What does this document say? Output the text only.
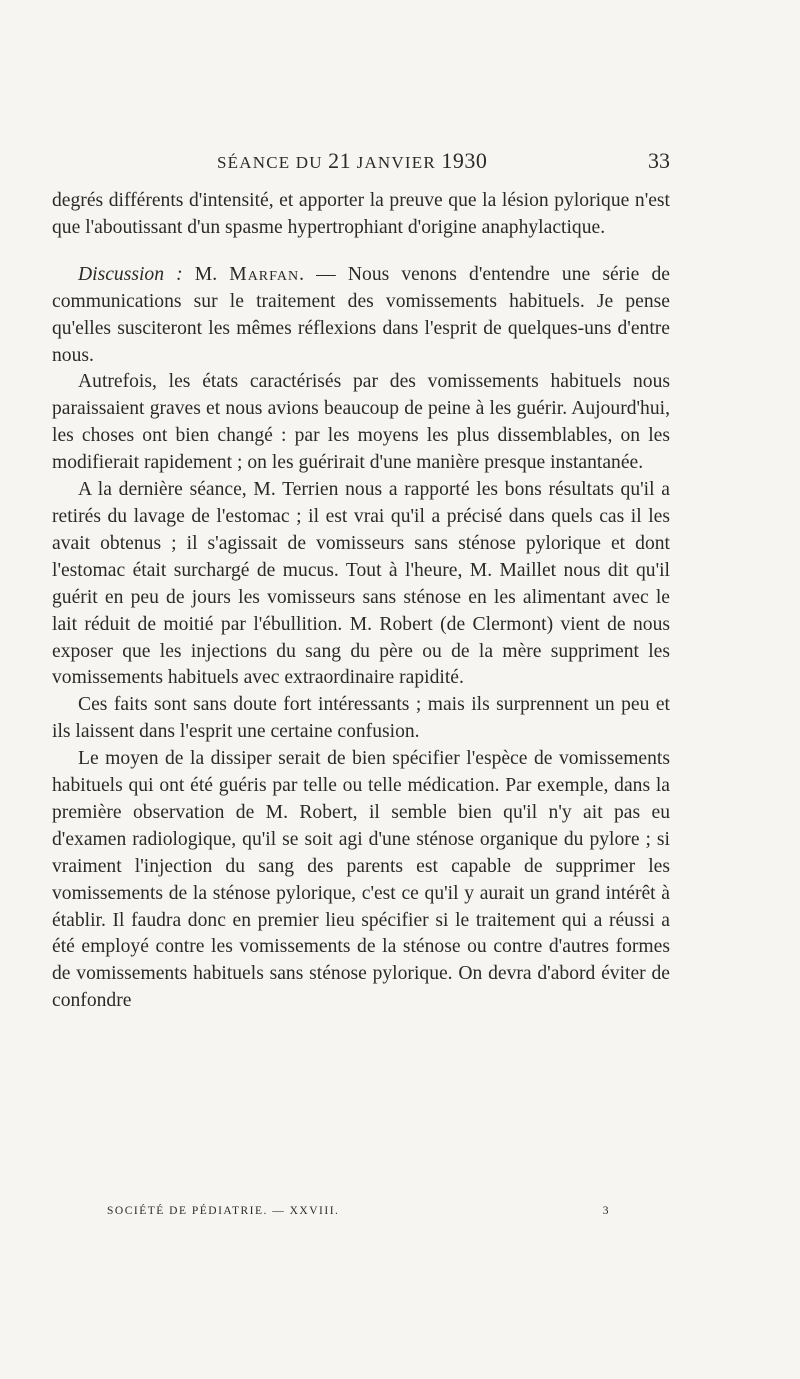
SÉANCE DU 21 JANVIER 1930	33

degrés différents d'intensité, et apporter la preuve que la lésion pylorique n'est que l'aboutissant d'un spasme hypertrophiant d'origine anaphylactique.

Discussion : M. Marfan. — Nous venons d'entendre une série de communications sur le traitement des vomissements habituels. Je pense qu'elles susciteront les mêmes réflexions dans l'esprit de quelques-uns d'entre nous.

Autrefois, les états caractérisés par des vomissements habituels nous paraissaient graves et nous avions beaucoup de peine à les guérir. Aujourd'hui, les choses ont bien changé : par les moyens les plus dissemblables, on les modifierait rapidement ; on les guérirait d'une manière presque instantanée.

A la dernière séance, M. Terrien nous a rapporté les bons résultats qu'il a retirés du lavage de l'estomac ; il est vrai qu'il a précisé dans quels cas il les avait obtenus ; il s'agissait de vomisseurs sans sténose pylorique et dont l'estomac était surchargé de mucus. Tout à l'heure, M. Maillet nous dit qu'il guérit en peu de jours les vomisseurs sans sténose en les alimentant avec le lait réduit de moitié par l'ébullition. M. Robert (de Clermont) vient de nous exposer que les injections du sang du père ou de la mère suppriment les vomissements habituels avec extraordinaire rapidité.

Ces faits sont sans doute fort intéressants ; mais ils surprennent un peu et ils laissent dans l'esprit une certaine confusion.

Le moyen de la dissiper serait de bien spécifier l'espèce de vomissements habituels qui ont été guéris par telle ou telle médication. Par exemple, dans la première observation de M. Robert, il semble bien qu'il n'y ait pas eu d'examen radiologique, qu'il se soit agi d'une sténose organique du pylore ; si vraiment l'injection du sang des parents est capable de supprimer les vomissements de la sténose pylorique, c'est ce qu'il y aurait un grand intérêt à établir. Il faudra donc en premier lieu spécifier si le traitement qui a réussi a été employé contre les vomissements de la sténose ou contre d'autres formes de vomissements habituels sans sténose pylorique. On devra d'abord éviter de confondre

SOCIÉTÉ DE PÉDIATRIE. — XXVIII.	3
